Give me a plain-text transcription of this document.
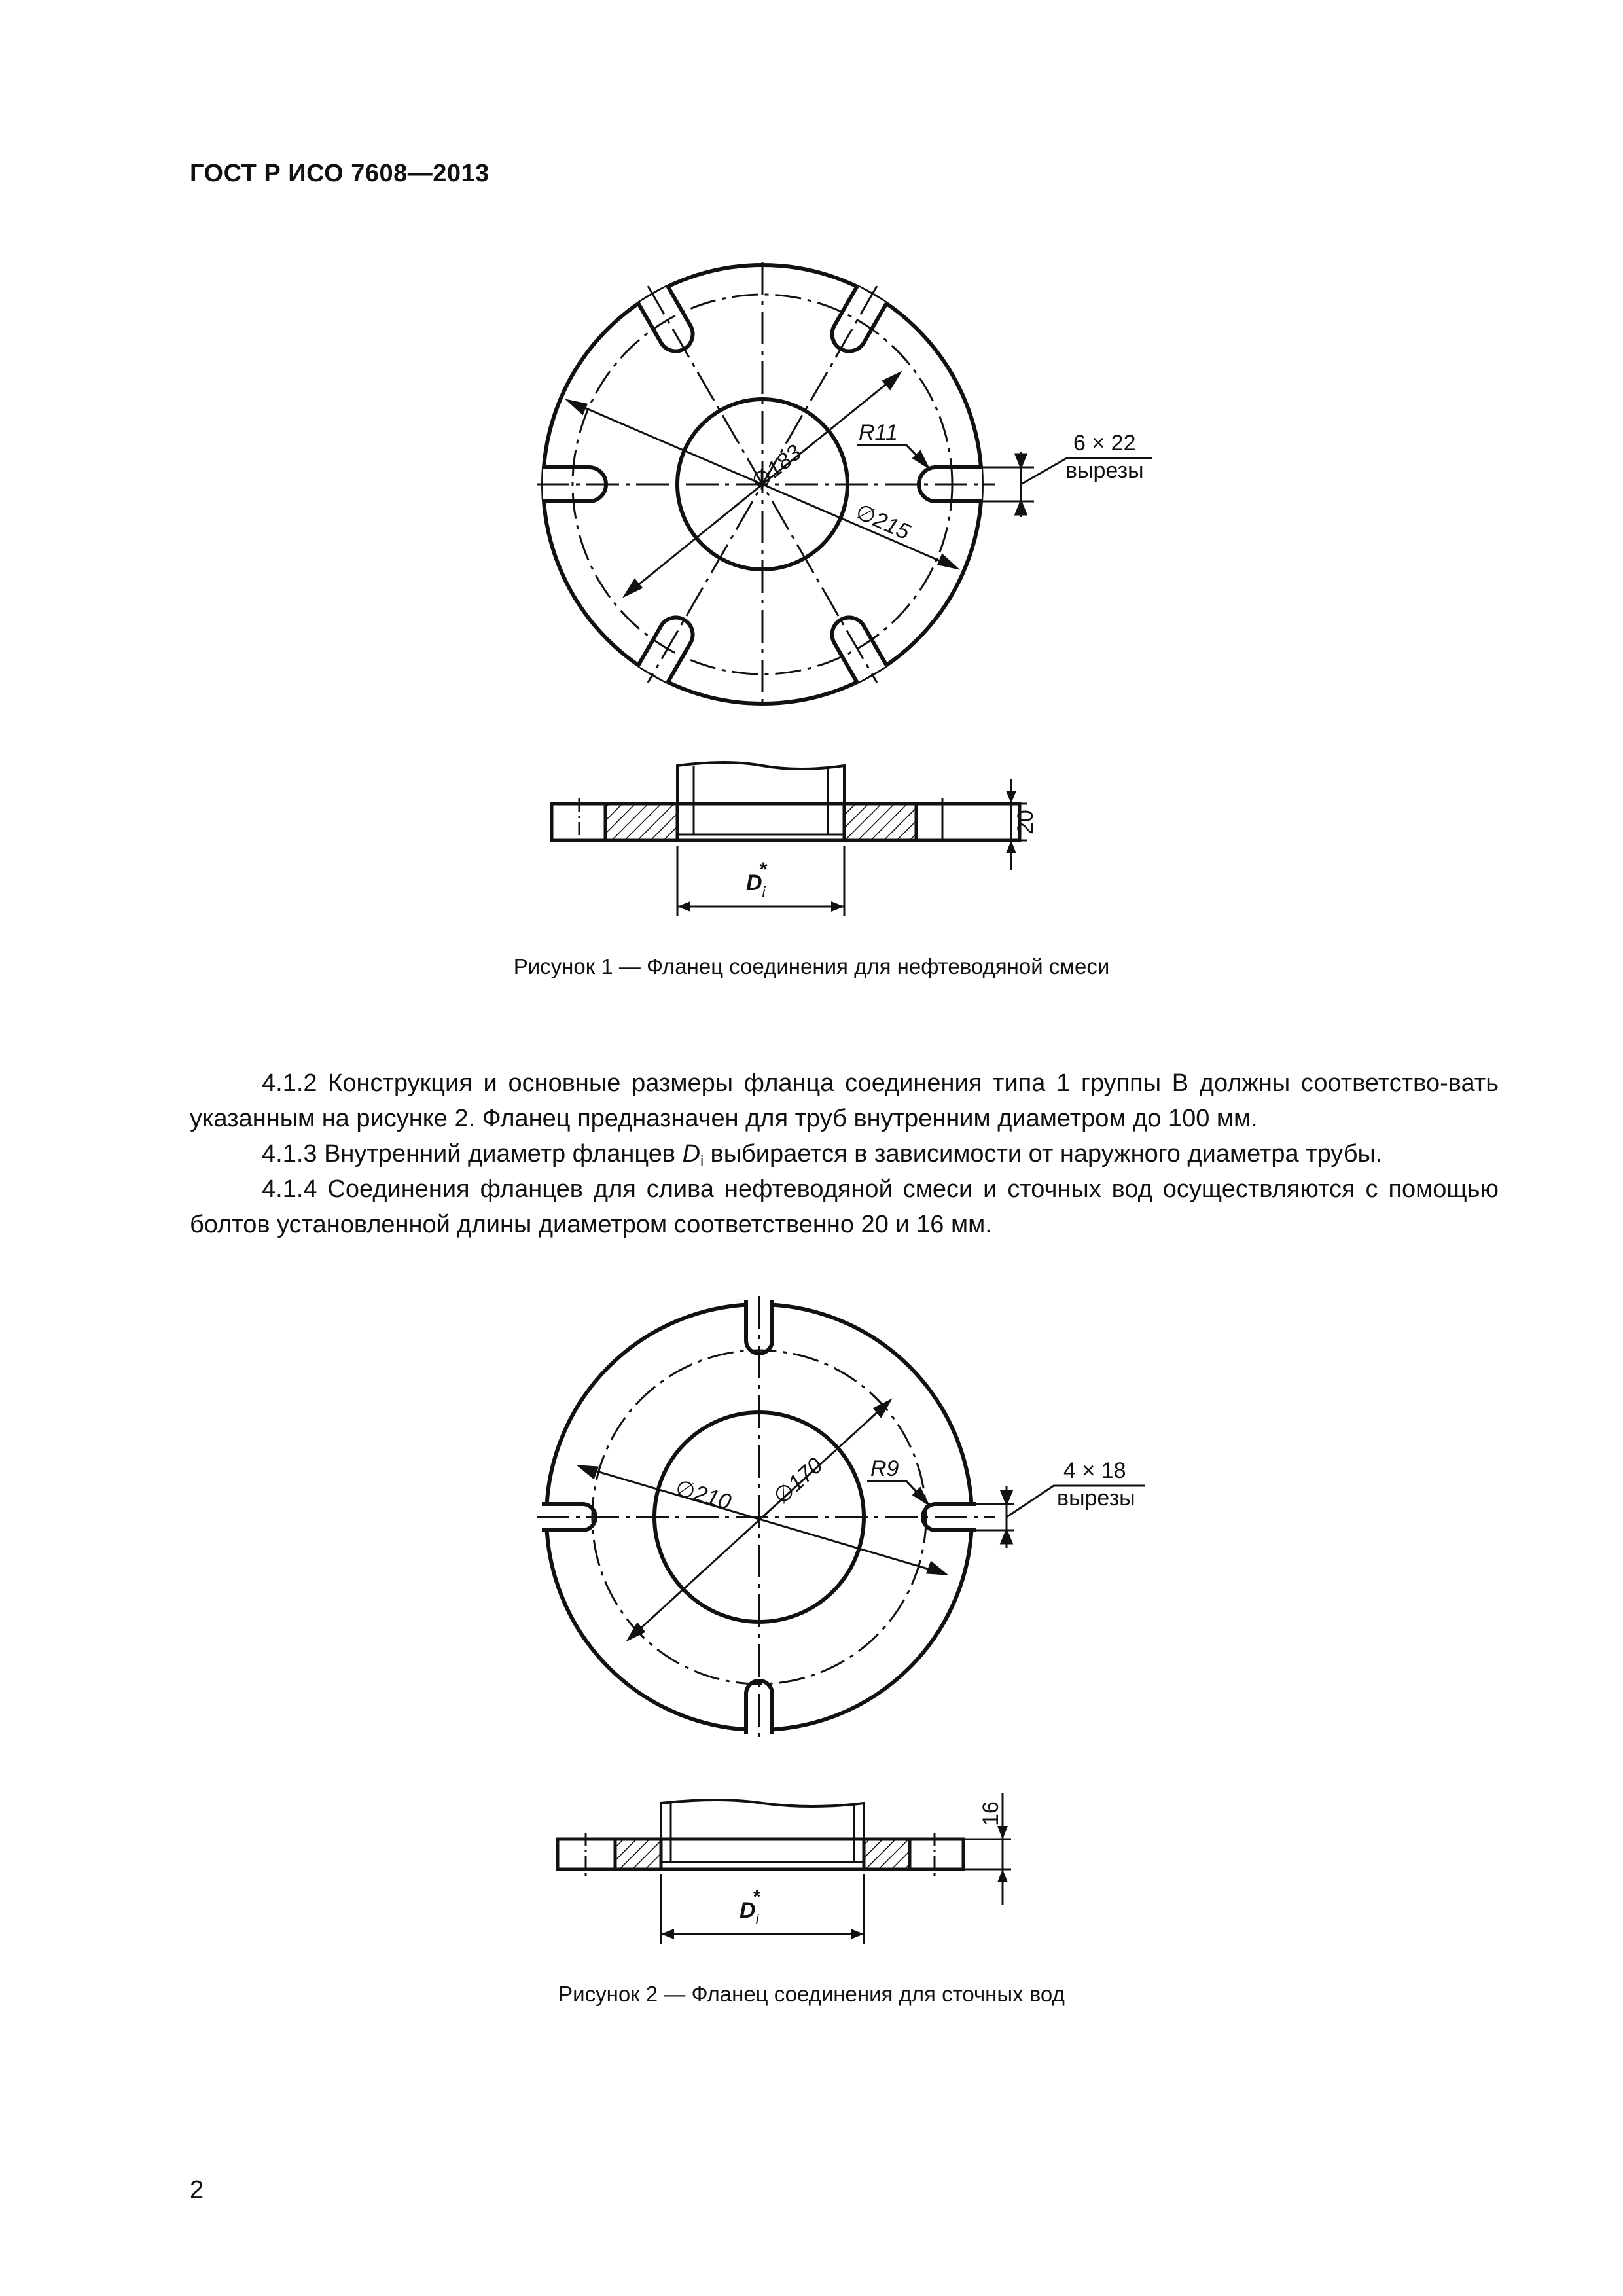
ГОСТ Р ИСО 7608—2013
∅183
∅215
R11	6 × 22
вырезы
20
$D_i*$
Рисунок 1 — Фланец соединения для нефтеводяной смеси
4.1.2 Конструкция и основные размеры фланца соединения типа 1 группы В должны соответство-вать указанным на рисунке 2. Фланец предназначен для труб внутренним диаметром до 100 мм.
4.1.3 Внутренний диаметр фланцев $D_i$ выбирается в зависимости от наружного диаметра трубы.
4.1.4 Соединения фланцев для слива нефтеводяной смеси и сточных вод осуществляются с помощью болтов установленной длины диаметром соответственно 20 и 16 мм.
∅210 ∅170 R9	4 × 18
вырезы
16
$D_i*$
Рисунок 2 — Фланец соединения для сточных вод
2
